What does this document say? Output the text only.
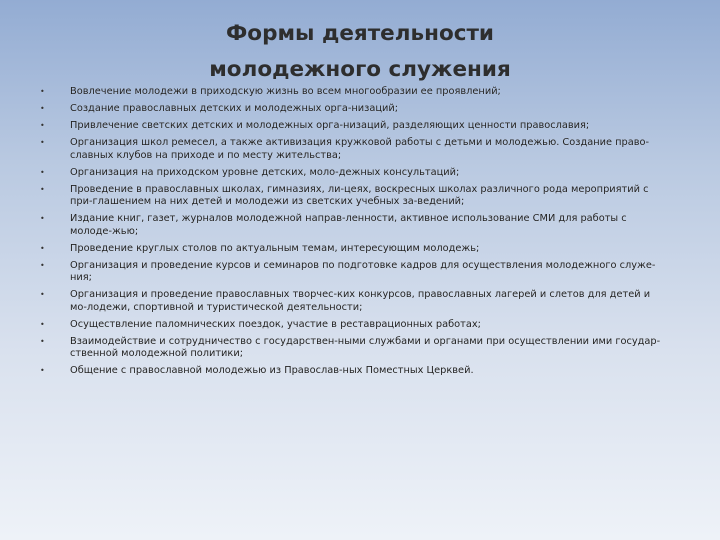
Формы деятельности
молодежного служения
•	Вовлечение молодежи в приходскую жизнь во всем многообразии ее проявлений;
•	Создание православных детских и молодежных орга-низаций;
•	Привлечение светских детских и молодежных орга-низаций, разделяющих ценности православия;
•	Организация школ ремесел, а также активизация кружковой работы с детьми и молодежью. Создание право-славных клубов на приходе и по месту жительства;
•	Организация на приходском уровне детских, моло-дежных консультаций;
•	Проведение в православных школах, гимназиях, ли-цеях, воскресных школах различного рода мероприятий с при-глашением на них детей и молодежи из светских учебных за-ведений;
•	Издание книг, газет, журналов молодежной направ-ленности, активное использование СМИ для работы с молоде-жью;
•	Проведение круглых столов по актуальным темам, интересующим молодежь;
•	Организация и проведение курсов и семинаров по подготовке кадров для осуществления молодежного служе-ния;
•	Организация и проведение православных творчес-ких конкурсов, православных лагерей и слетов для детей и мо-лодежи, спортивной и туристической деятельности;
•	Осуществление паломнических поездок, участие в реставрационных работах;
•	Взаимодействие и сотрудничество с государствен-ными службами и органами при осуществлении ими государ-ственной молодежной политики;
•	Общение с православной молодежью из Православ-ных Поместных Церквей.
